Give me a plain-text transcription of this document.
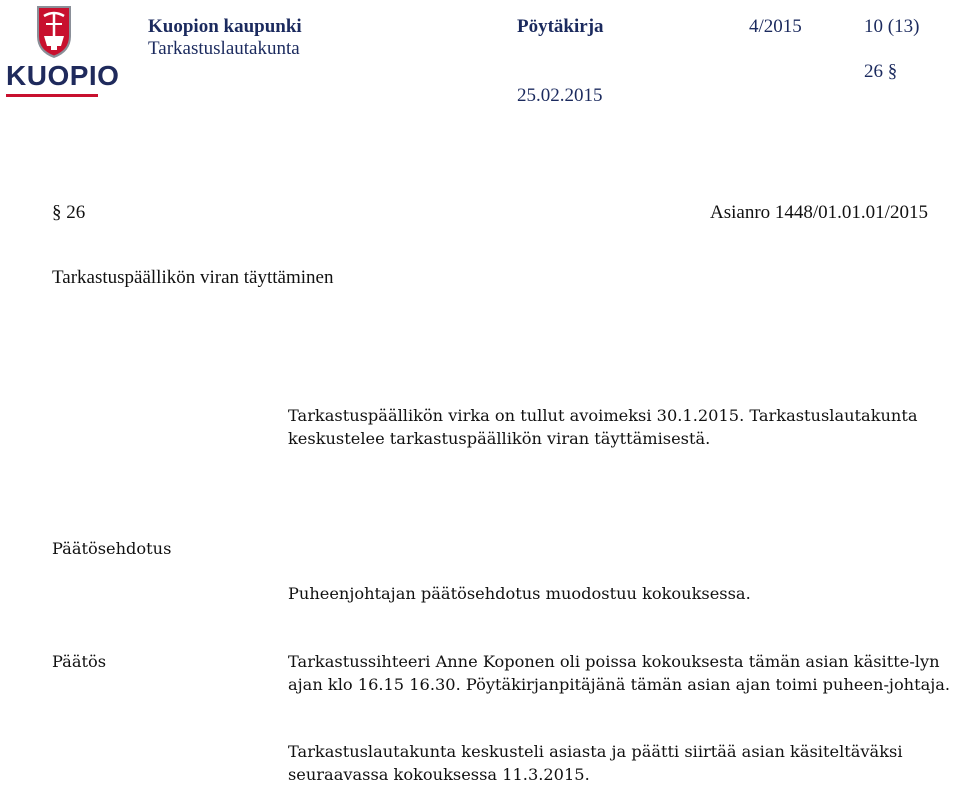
KUOPIO
Kuopion kaupunki
Tarkastuslautakunta
Pöytäkirja	4/2015	10 (13)
26 §
25.02.2015
§ 26	Asianro 1448/01.01.01/2015
Tarkastuspäällikön viran täyttäminen
Tarkastuspäällikön virka on tullut avoimeksi 30.1.2015. Tarkastuslautakunta keskustelee tarkastuspäällikön viran täyttämisestä.
Päätösehdotus
Puheenjohtajan päätösehdotus muodostuu kokouksessa.
Päätös	Tarkastussihteeri Anne Koponen oli poissa kokouksesta tämän asian käsitte-lyn ajan klo 16.15 16.30. Pöytäkirjanpitäjänä tämän asian ajan toimi puheen-johtaja.
Tarkastuslautakunta keskusteli asiasta ja päätti siirtää asian käsiteltäväksi seuraavassa kokouksessa 11.3.2015.
